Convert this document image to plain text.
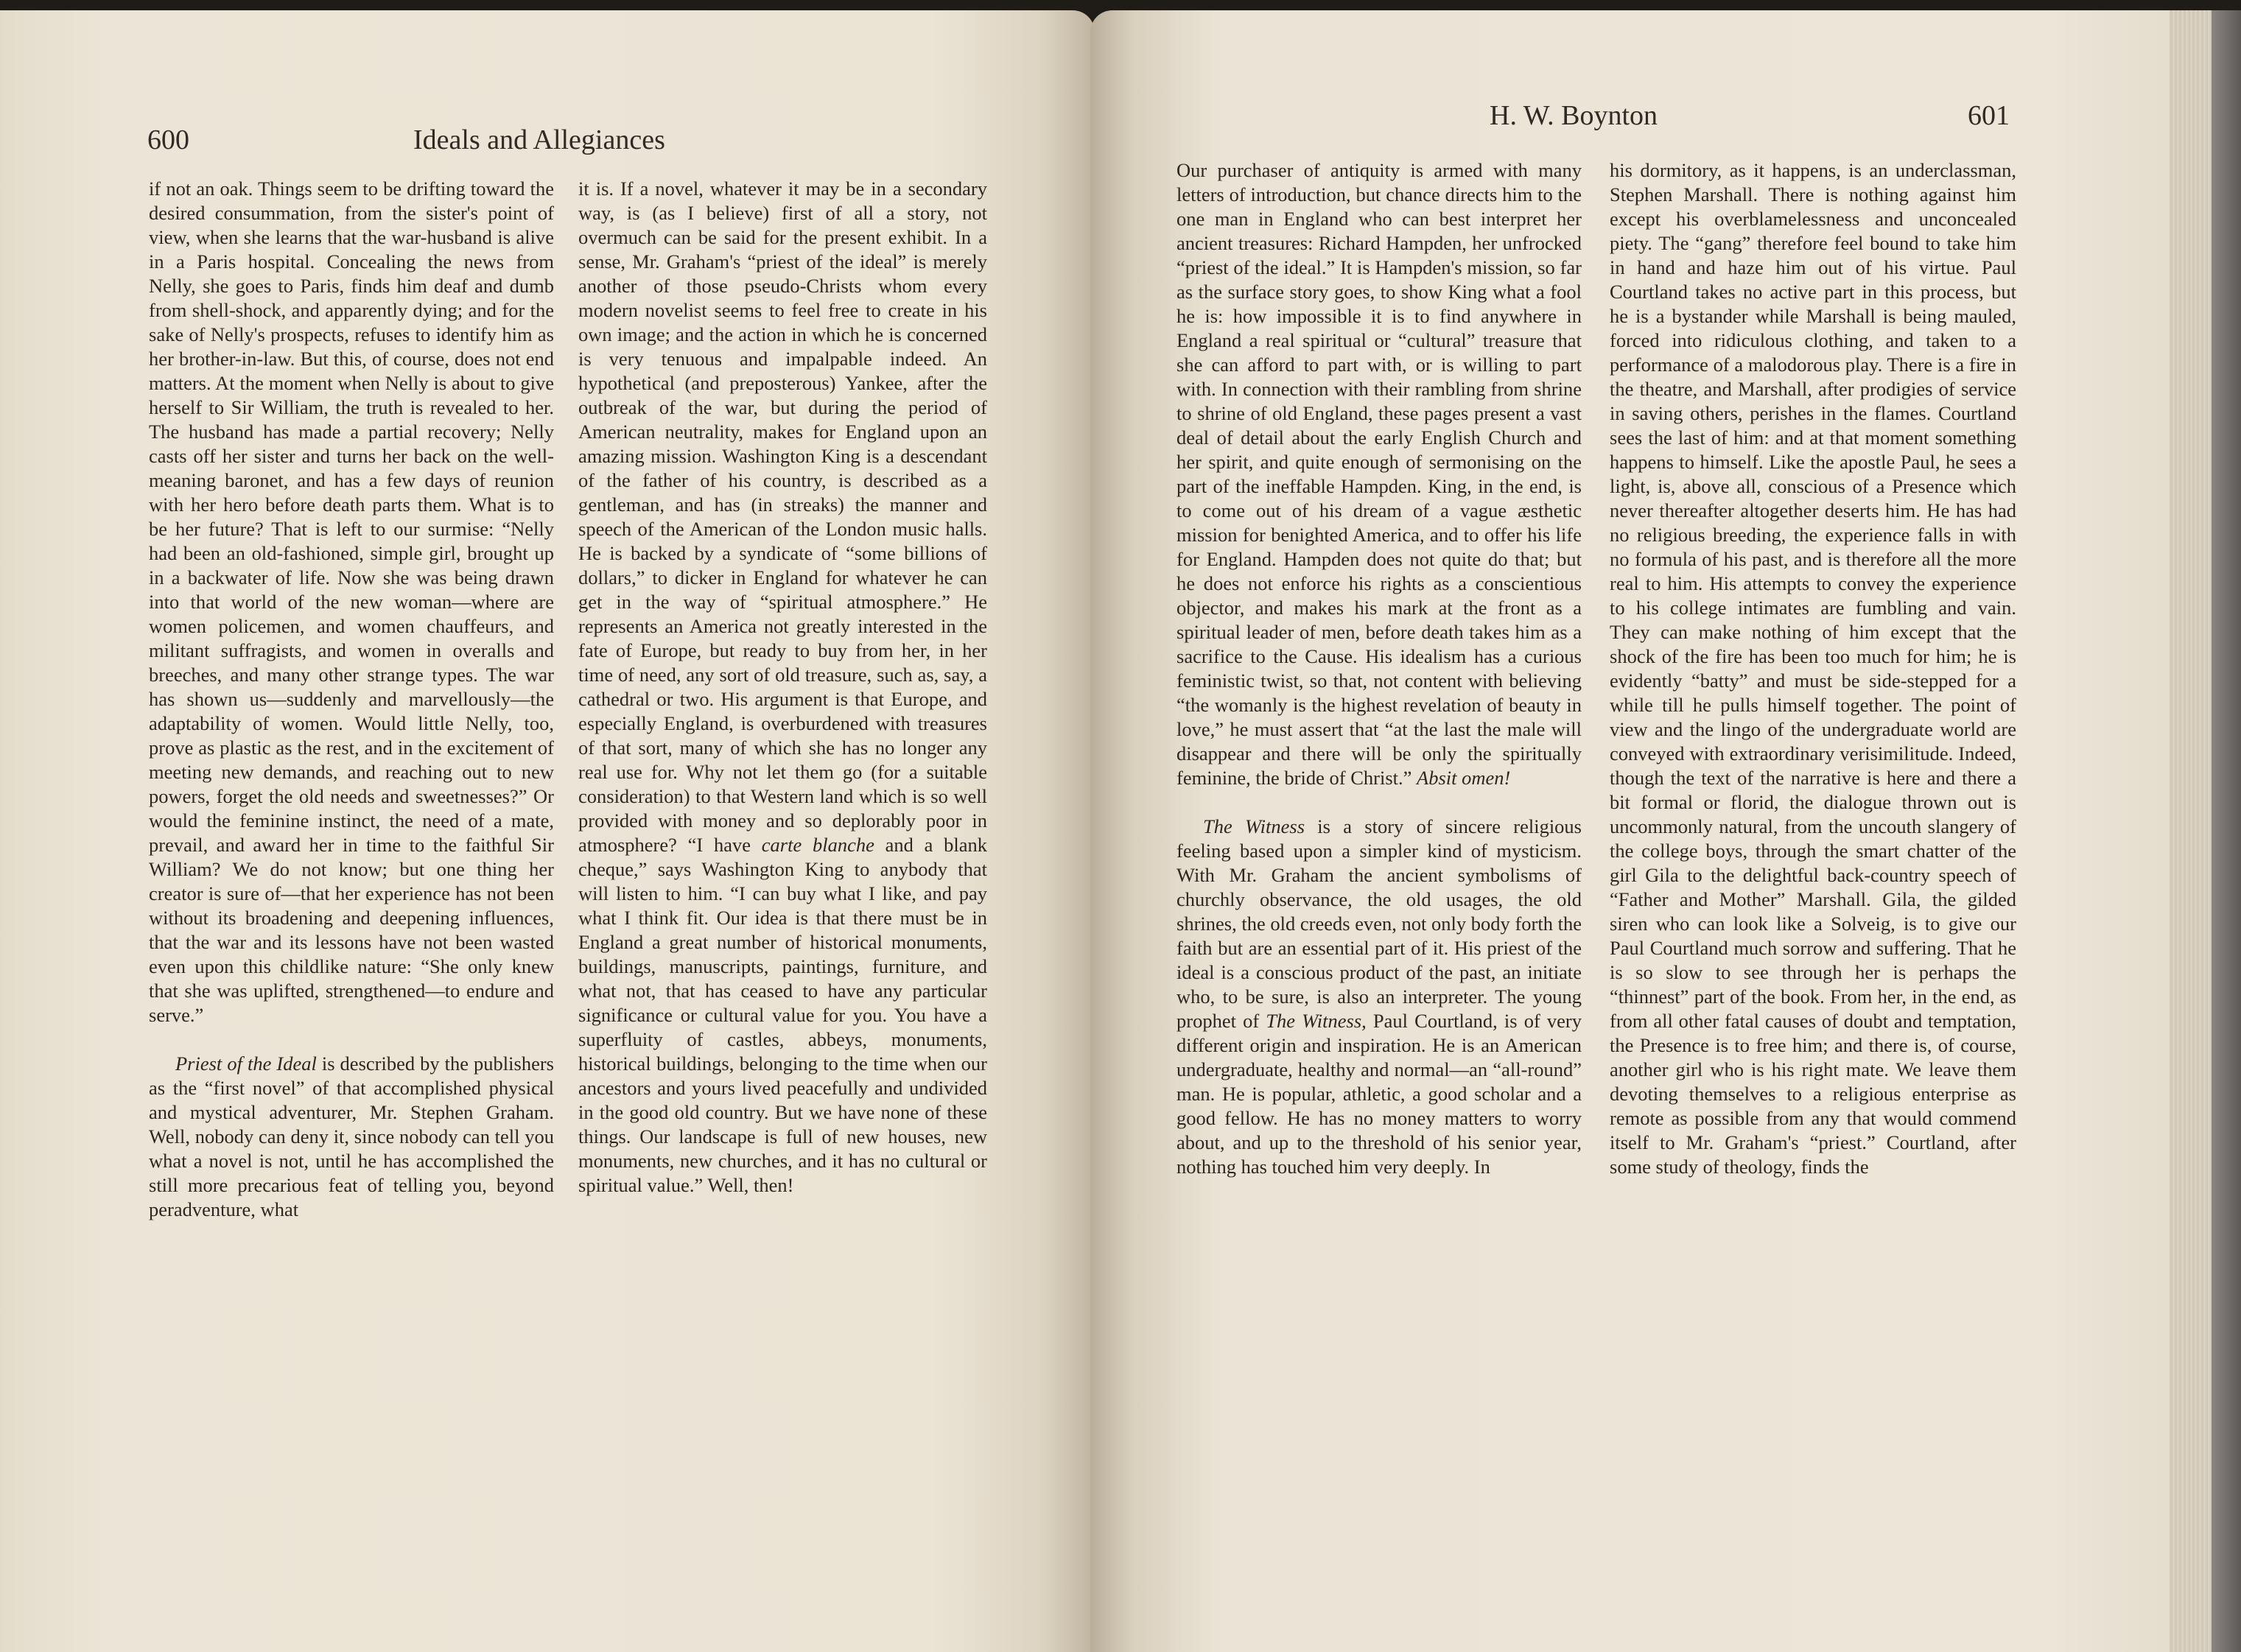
600	Ideals and Allegiances
H. W. Boynton	601

if not an oak. Things seem to be drifting toward the desired consummation, from the sister's point of view, when she learns that the war-husband is alive in a Paris hospital. Concealing the news from Nelly, she goes to Paris, finds him deaf and dumb from shell-shock, and apparently dying; and for the sake of Nelly's prospects, refuses to identify him as her brother-in-law. But this, of course, does not end matters. At the moment when Nelly is about to give herself to Sir William, the truth is revealed to her. The husband has made a partial recovery; Nelly casts off her sister and turns her back on the well-meaning baronet, and has a few days of reunion with her hero before death parts them. What is to be her future? That is left to our surmise: “Nelly had been an old-fashioned, simple girl, brought up in a backwater of life. Now she was being drawn into that world of the new woman—where are women policemen, and women chauffeurs, and militant suffragists, and women in overalls and breeches, and many other strange types. The war has shown us—suddenly and marvellously—the adaptability of women. Would little Nelly, too, prove as plastic as the rest, and in the excitement of meeting new demands, and reaching out to new powers, forget the old needs and sweetnesses?” Or would the feminine instinct, the need of a mate, prevail, and award her in time to the faithful Sir William? We do not know; but one thing her creator is sure of—that her experience has not been without its broadening and deepening influences, that the war and its lessons have not been wasted even upon this childlike nature: “She only knew that she was uplifted, strengthened—to endure and serve.”

Priest of the Ideal is described by the publishers as the “first novel” of that accomplished physical and mystical adventurer, Mr. Stephen Graham. Well, nobody can deny it, since nobody can tell you what a novel is not, until he has accomplished the still more precarious feat of telling you, beyond peradventure, what

it is. If a novel, whatever it may be in a secondary way, is (as I believe) first of all a story, not overmuch can be said for the present exhibit. In a sense, Mr. Graham's “priest of the ideal” is merely another of those pseudo-Christs whom every modern novelist seems to feel free to create in his own image; and the action in which he is concerned is very tenuous and impalpable indeed. An hypothetical (and preposterous) Yankee, after the outbreak of the war, but during the period of American neutrality, makes for England upon an amazing mission. Washington King is a descendant of the father of his country, is described as a gentleman, and has (in streaks) the manner and speech of the American of the London music halls. He is backed by a syndicate of “some billions of dollars,” to dicker in England for whatever he can get in the way of “spiritual atmosphere.” He represents an America not greatly interested in the fate of Europe, but ready to buy from her, in her time of need, any sort of old treasure, such as, say, a cathedral or two. His argument is that Europe, and especially England, is overburdened with treasures of that sort, many of which she has no longer any real use for. Why not let them go (for a suitable consideration) to that Western land which is so well provided with money and so deplorably poor in atmosphere? “I have carte blanche and a blank cheque,” says Washington King to anybody that will listen to him. “I can buy what I like, and pay what I think fit. Our idea is that there must be in England a great number of historical monuments, buildings, manuscripts, paintings, furniture, and what not, that has ceased to have any particular significance or cultural value for you. You have a superfluity of castles, abbeys, monuments, historical buildings, belonging to the time when our ancestors and yours lived peacefully and undivided in the good old country. But we have none of these things. Our landscape is full of new houses, new monuments, new churches, and it has no cultural or spiritual value.” Well, then!

Our purchaser of antiquity is armed with many letters of introduction, but chance directs him to the one man in England who can best interpret her ancient treasures: Richard Hampden, her unfrocked “priest of the ideal.” It is Hampden's mission, so far as the surface story goes, to show King what a fool he is: how impossible it is to find anywhere in England a real spiritual or “cultural” treasure that she can afford to part with, or is willing to part with. In connection with their rambling from shrine to shrine of old England, these pages present a vast deal of detail about the early English Church and her spirit, and quite enough of sermonising on the part of the ineffable Hampden. King, in the end, is to come out of his dream of a vague æsthetic mission for benighted America, and to offer his life for England. Hampden does not quite do that; but he does not enforce his rights as a conscientious objector, and makes his mark at the front as a spiritual leader of men, before death takes him as a sacrifice to the Cause. His idealism has a curious feministic twist, so that, not content with believing “the womanly is the highest revelation of beauty in love,” he must assert that “at the last the male will disappear and there will be only the spiritually feminine, the bride of Christ.” Absit omen!

The Witness is a story of sincere religious feeling based upon a simpler kind of mysticism. With Mr. Graham the ancient symbolisms of churchly observance, the old usages, the old shrines, the old creeds even, not only body forth the faith but are an essential part of it. His priest of the ideal is a conscious product of the past, an initiate who, to be sure, is also an interpreter. The young prophet of The Witness, Paul Courtland, is of very different origin and inspiration. He is an American undergraduate, healthy and normal—an “all-round” man. He is popular, athletic, a good scholar and a good fellow. He has no money matters to worry about, and up to the threshold of his senior year, nothing has touched him very deeply. In

his dormitory, as it happens, is an underclassman, Stephen Marshall. There is nothing against him except his overblamelessness and unconcealed piety. The “gang” therefore feel bound to take him in hand and haze him out of his virtue. Paul Courtland takes no active part in this process, but he is a bystander while Marshall is being mauled, forced into ridiculous clothing, and taken to a performance of a malodorous play. There is a fire in the theatre, and Marshall, after prodigies of service in saving others, perishes in the flames. Courtland sees the last of him: and at that moment something happens to himself. Like the apostle Paul, he sees a light, is, above all, conscious of a Presence which never thereafter altogether deserts him. He has had no religious breeding, the experience falls in with no formula of his past, and is therefore all the more real to him. His attempts to convey the experience to his college intimates are fumbling and vain. They can make nothing of him except that the shock of the fire has been too much for him; he is evidently “batty” and must be side-stepped for a while till he pulls himself together. The point of view and the lingo of the undergraduate world are conveyed with extraordinary verisimilitude. Indeed, though the text of the narrative is here and there a bit formal or florid, the dialogue thrown out is uncommonly natural, from the uncouth slangery of the college boys, through the smart chatter of the girl Gila to the delightful back-country speech of “Father and Mother” Marshall. Gila, the gilded siren who can look like a Solveig, is to give our Paul Courtland much sorrow and suffering. That he is so slow to see through her is perhaps the “thinnest” part of the book. From her, in the end, as from all other fatal causes of doubt and temptation, the Presence is to free him; and there is, of course, another girl who is his right mate. We leave them devoting themselves to a religious enterprise as remote as possible from any that would commend itself to Mr. Graham's “priest.” Courtland, after some study of theology, finds the
